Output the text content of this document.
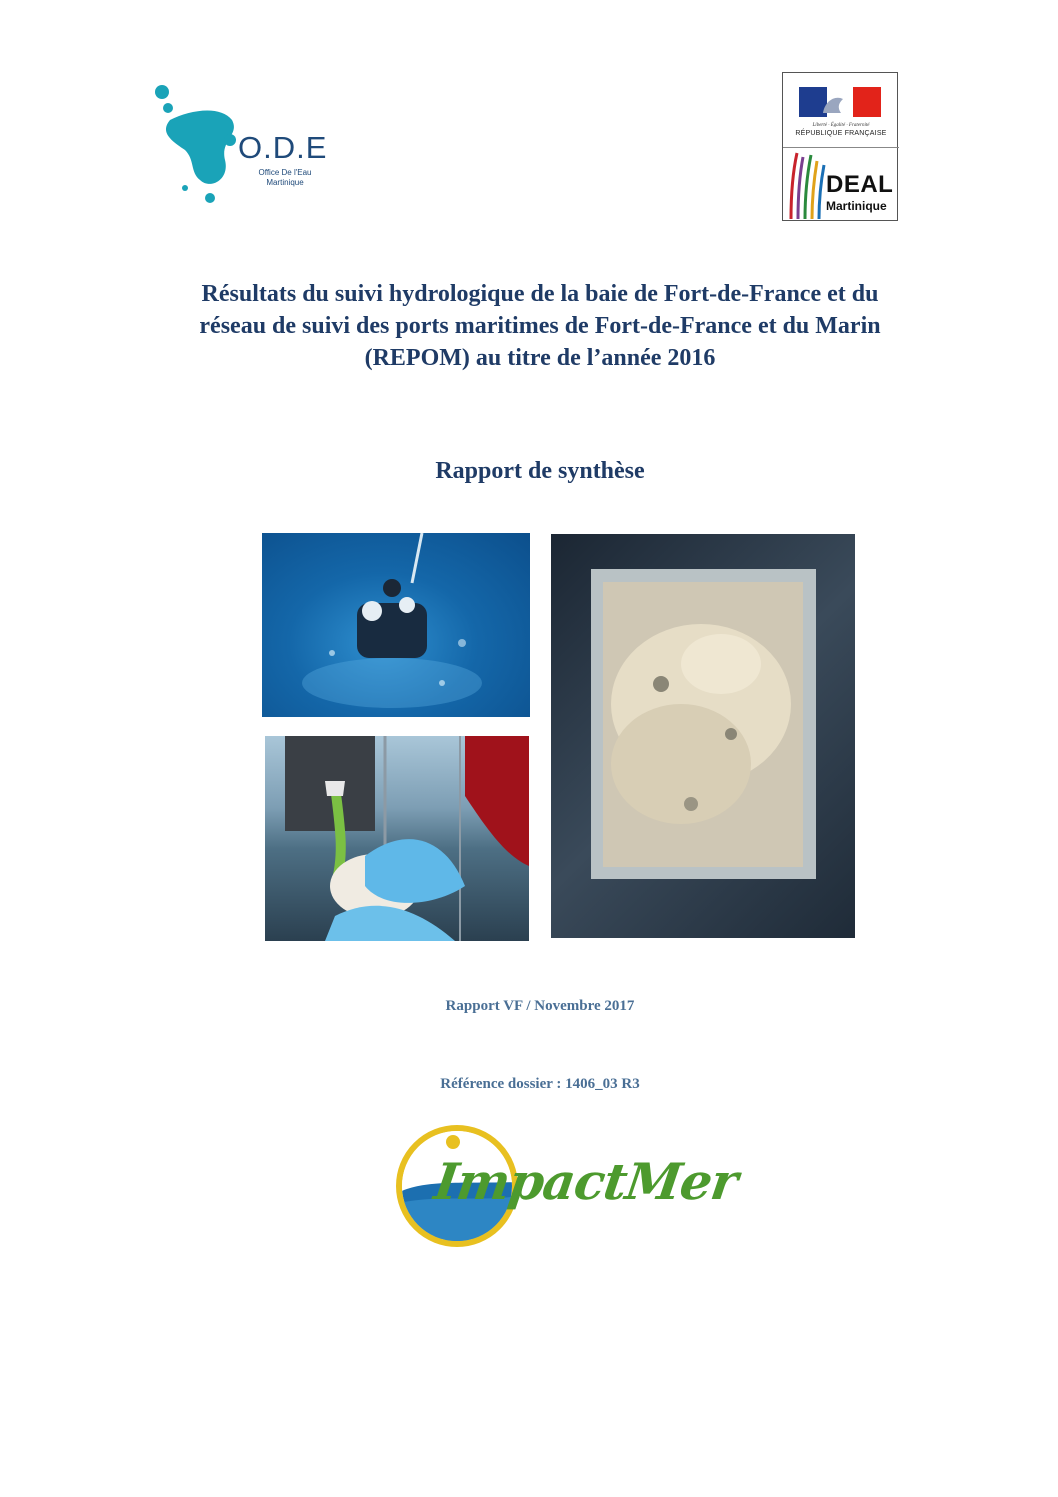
O.D.E
Office De l'Eau Martinique
Liberté · Égalité · Fraternité
RÉPUBLIQUE FRANÇAISE
DEAL
Martinique
Résultats du suivi hydrologique de la baie de Fort-de-France et du
réseau de suivi des ports maritimes de Fort-de-France et du Marin
(REPOM) au titre de l’année 2016
Rapport de synthèse
Rapport VF / Novembre 2017
Référence dossier : 1406_03 R3
ImpactMer
